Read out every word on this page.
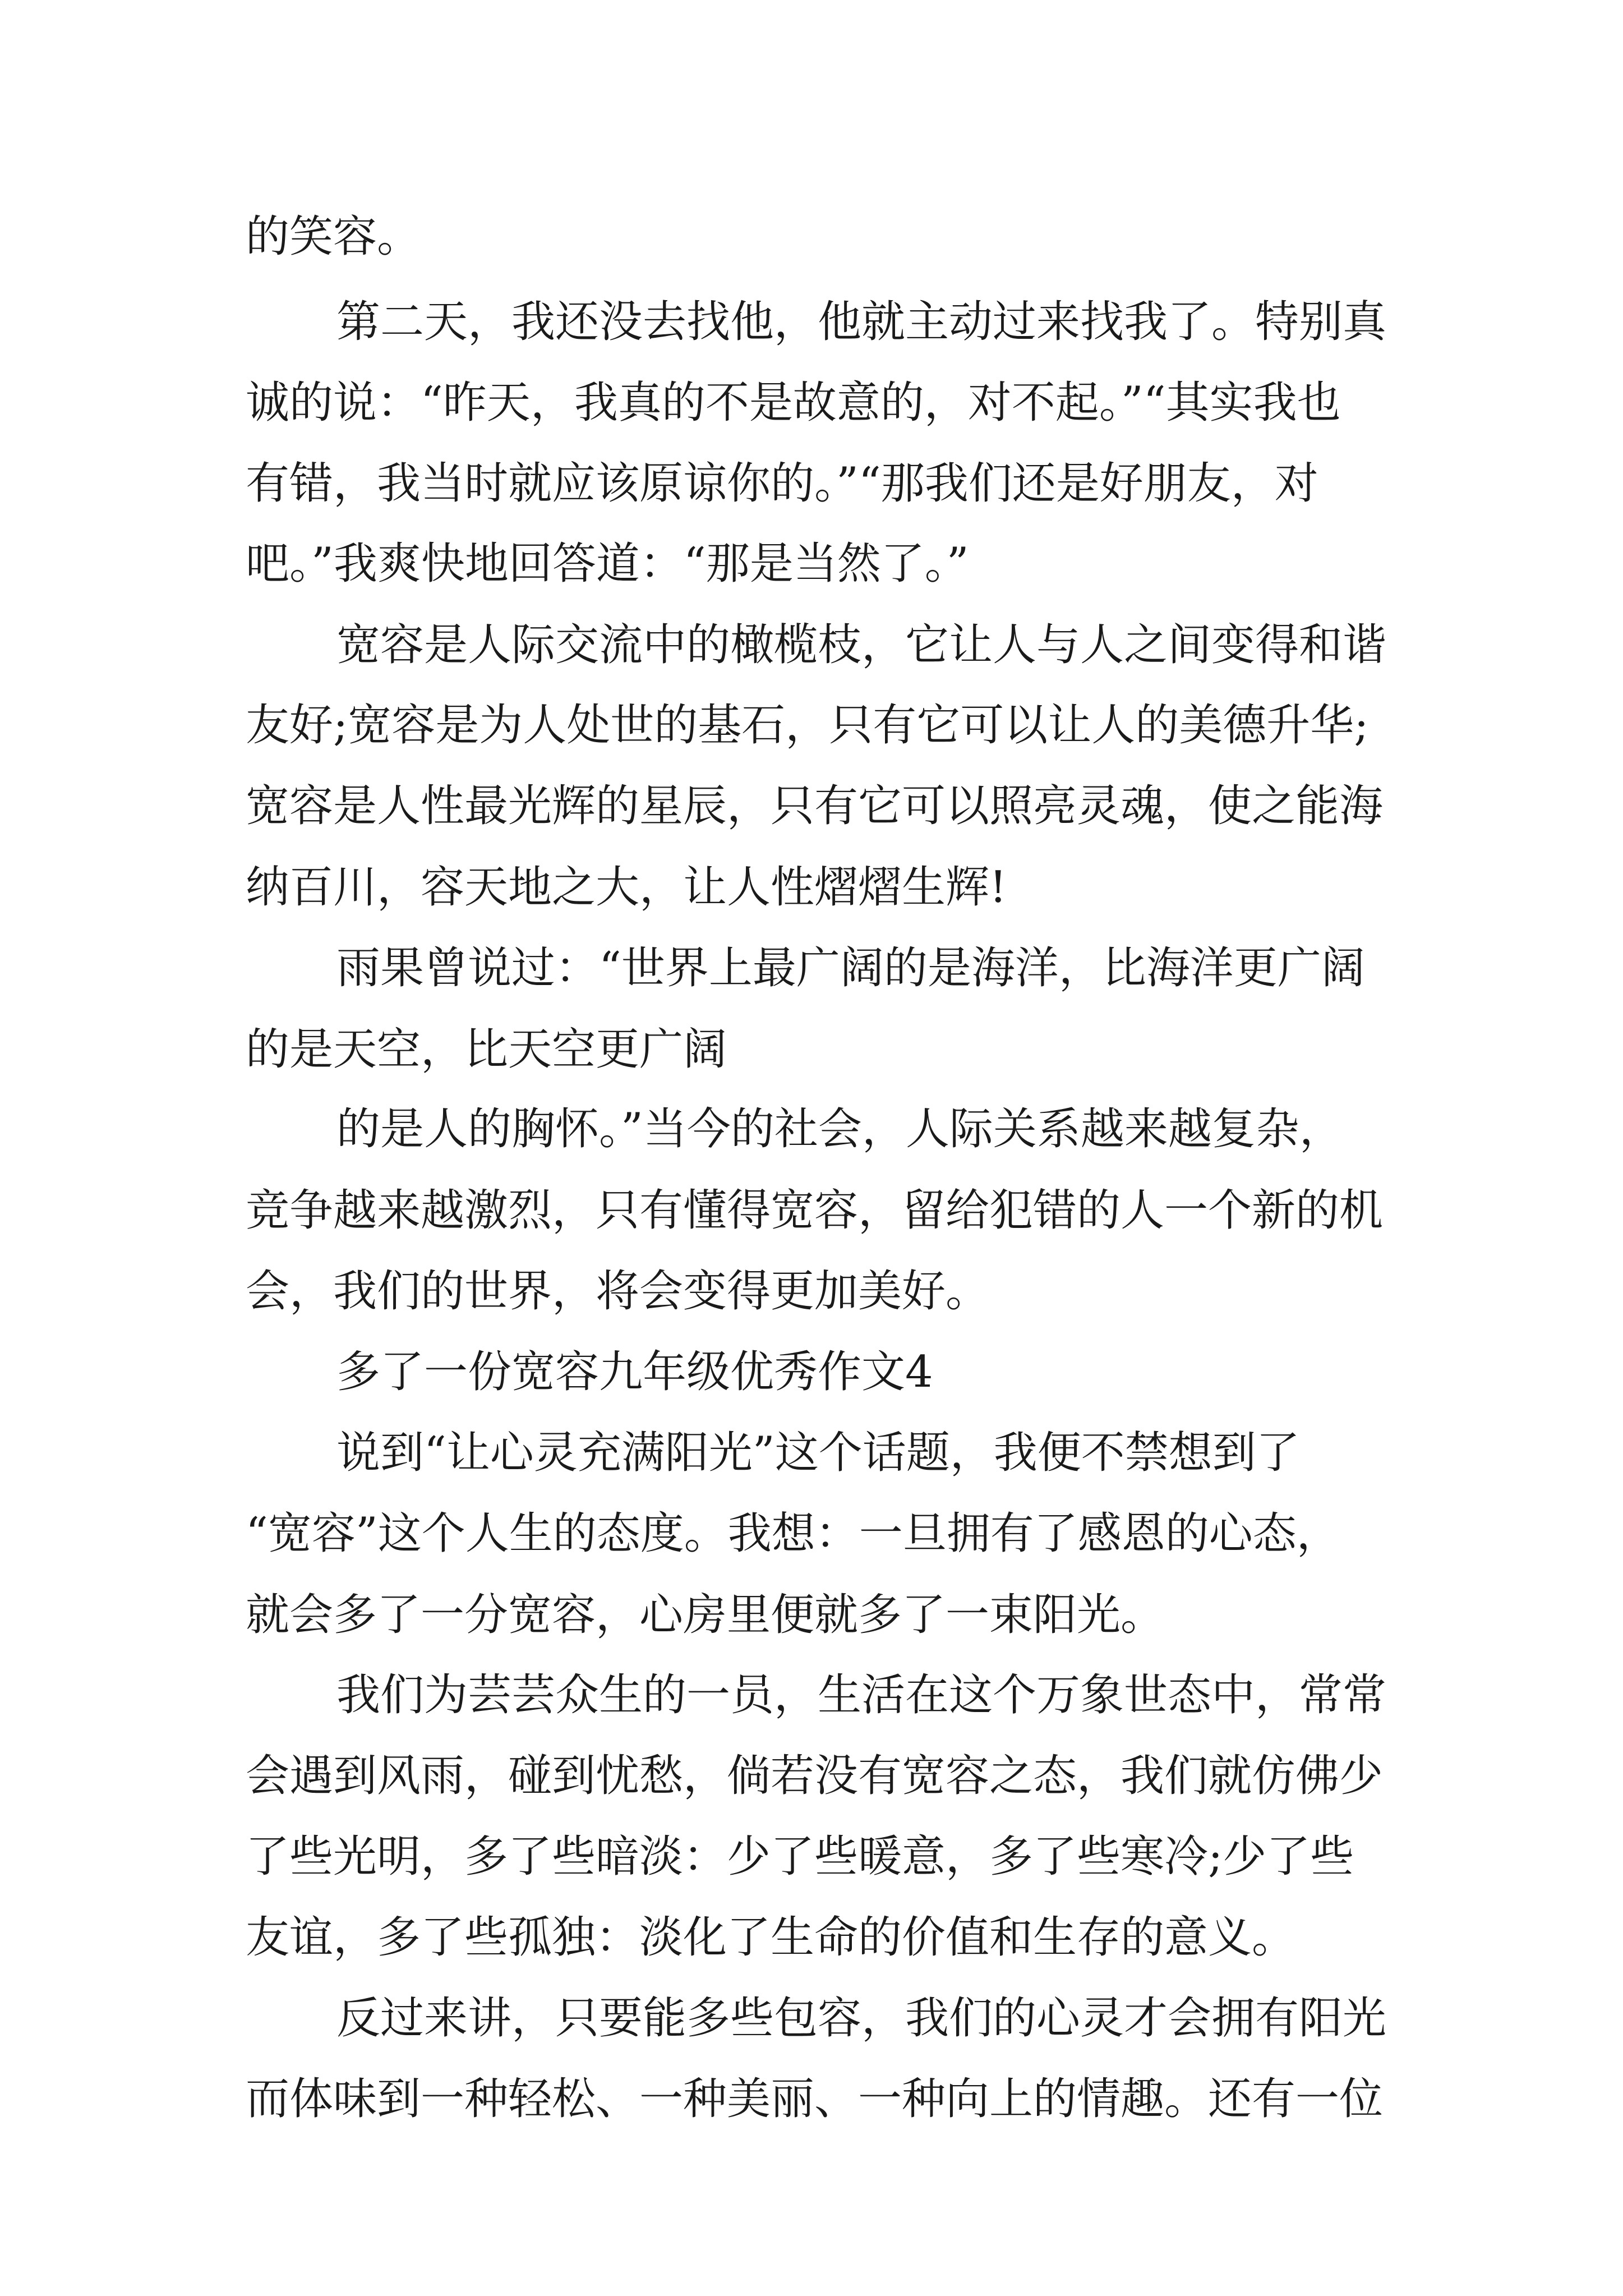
的笑容。
第二天，我还没去找他，他就主动过来找我了。特别真
诚的说：“昨天，我真的不是故意的，对不起。”“其实我也
有错，我当时就应该原谅你的。”“那我们还是好朋友，对
吧。”我爽快地回答道：“那是当然了。”
宽容是人际交流中的橄榄枝，它让人与人之间变得和谐
友好;宽容是为人处世的基石，只有它可以让人的美德升华;
宽容是人性最光辉的星辰，只有它可以照亮灵魂，使之能海
纳百川，容天地之大，让人性熠熠生辉!
雨果曾说过：“世界上最广阔的是海洋，比海洋更广阔
的是天空，比天空更广阔
的是人的胸怀。”当今的社会，人际关系越来越复杂，
竞争越来越激烈，只有懂得宽容，留给犯错的人一个新的机
会，我们的世界，将会变得更加美好。
多了一份宽容九年级优秀作文4
说到“让心灵充满阳光”这个话题，我便不禁想到了
“宽容”这个人生的态度。我想：一旦拥有了感恩的心态，
就会多了一分宽容，心房里便就多了一束阳光。
我们为芸芸众生的一员，生活在这个万象世态中，常常
会遇到风雨，碰到忧愁，倘若没有宽容之态，我们就仿佛少
了些光明，多了些暗淡：少了些暖意，多了些寒冷;少了些
友谊，多了些孤独：淡化了生命的价值和生存的意义。
反过来讲，只要能多些包容，我们的心灵才会拥有阳光
而体味到一种轻松、一种美丽、一种向上的情趣。还有一位
